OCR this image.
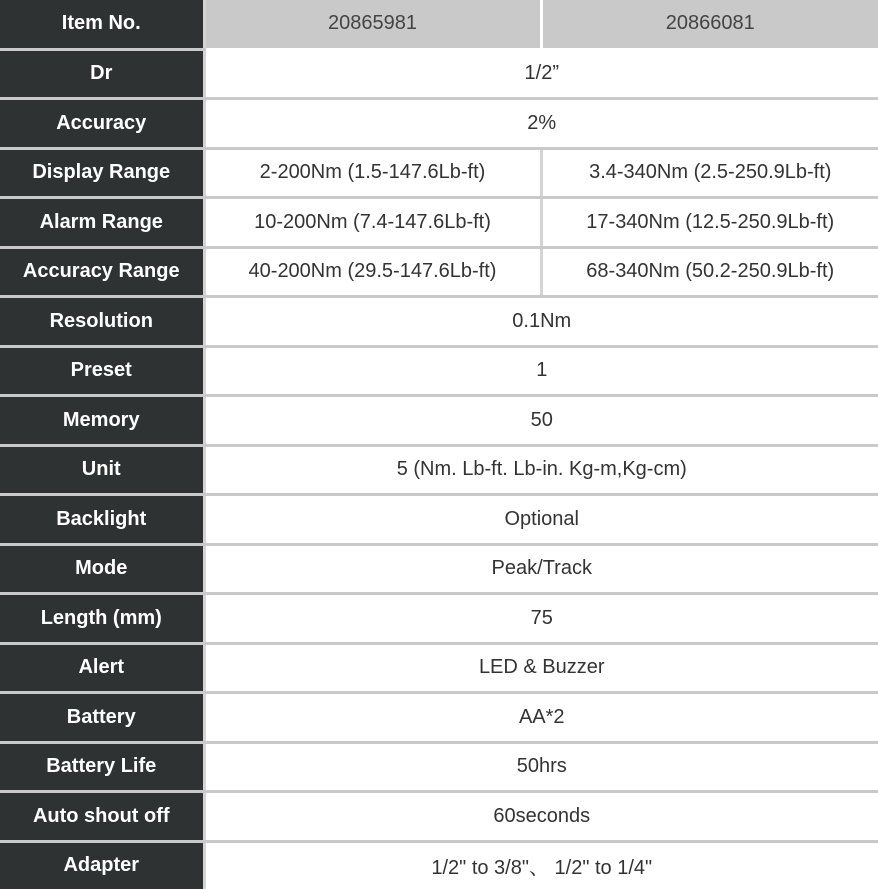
Item No.	20865981	20866081
Dr	1/2”	
Accuracy	2%	
Display Range	2-200Nm (1.5-147.6Lb-ft)	3.4-340Nm (2.5-250.9Lb-ft)
Alarm Range	10-200Nm (7.4-147.6Lb-ft)	17-340Nm (12.5-250.9Lb-ft)
Accuracy Range	40-200Nm (29.5-147.6Lb-ft)	68-340Nm (50.2-250.9Lb-ft)
Resolution	0.1Nm	
Preset	1	
Memory	50	
Unit	5 (Nm. Lb-ft. Lb-in. Kg-m,Kg-cm)	
Backlight	Optional	
Mode	Peak/Track	
Length (mm)	75	
Alert	LED & Buzzer	
Battery	AA*2	
Battery Life	50hrs	
Auto shout off	60seconds	
Adapter	1/2" to 3/8"、 1/2" to 1/4"	
